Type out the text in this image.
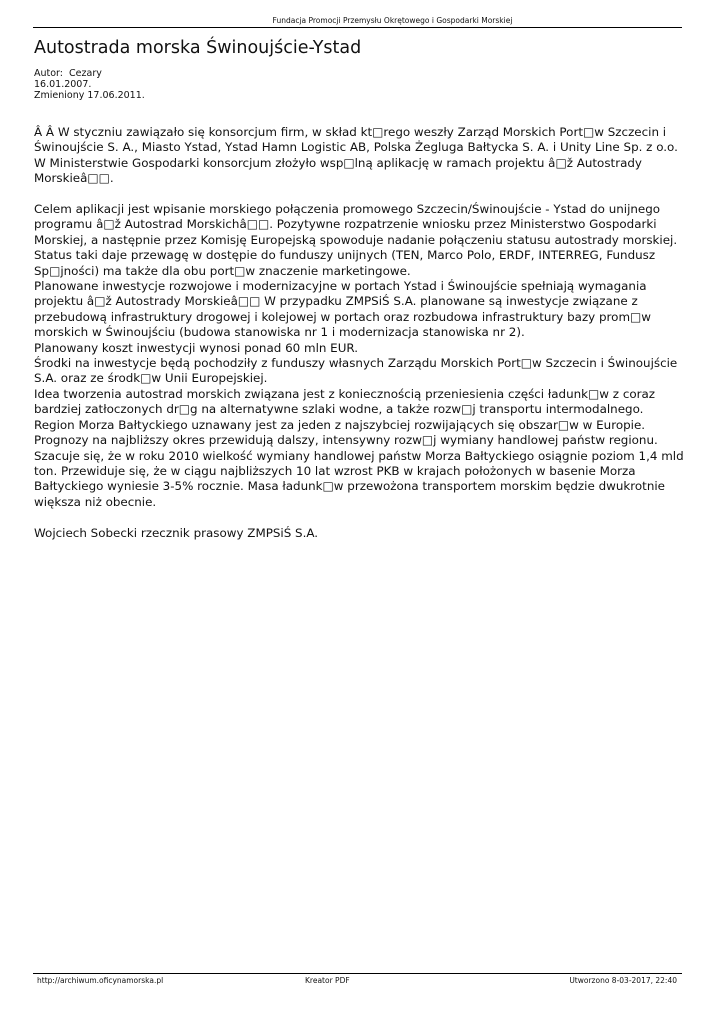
Fundacja Promocji Przemysłu Okrętowego i Gospodarki Morskiej
Autostrada morska Świnoujście-Ystad
Autor:  Cezary
16.01.2007.
Zmieniony 17.06.2011.

Â Â W styczniu zawiązało się konsorcjum firm, w skład kt□rego weszły Zarząd Morskich Port□w Szczecin i Świnoujście S. A., Miasto Ystad, Ystad Hamn Logistic AB, Polska Żegluga Bałtycka S. A. i Unity Line Sp. z o.o. W Ministerstwie Gospodarki konsorcjum złożyło wsp□lną aplikację w ramach projektu â□ž Autostrady Morskieâ□□.

Celem aplikacji jest wpisanie morskiego połączenia promowego Szczecin/Świnoujście - Ystad do unijnego programu â□ž Autostrad Morskichâ□□. Pozytywne rozpatrzenie wniosku przez Ministerstwo Gospodarki Morskiej, a następnie przez Komisję Europejską spowoduje nadanie połączeniu statusu autostrady morskiej. Status taki daje przewagę w dostępie do funduszy unijnych (TEN, Marco Polo, ERDF, INTERREG, Fundusz Sp□jności) ma także dla obu port□w znaczenie marketingowe.

Planowane inwestycje rozwojowe i modernizacyjne w portach Ystad i Świnoujście spełniają wymagania projektu â□ž Autostrady Morskieâ□□ W przypadku ZMPSiŚ S.A. planowane są inwestycje związane z przebudową infrastruktury drogowej i kolejowej w portach oraz rozbudowa infrastruktury bazy prom□w morskich w Świnoujściu (budowa stanowiska nr 1 i modernizacja stanowiska nr 2).

Planowany koszt inwestycji wynosi ponad 60 mln EUR.

Środki na inwestycje będą pochodziły z funduszy własnych Zarządu Morskich Port□w Szczecin i Świnoujście S.A. oraz ze środk□w Unii Europejskiej.

Idea tworzenia autostrad morskich związana jest z koniecznością przeniesienia części ładunk□w z coraz bardziej zatłoczonych dr□g na alternatywne szlaki wodne, a także rozw□j transportu intermodalnego. Region Morza Bałtyckiego uznawany jest za jeden z najszybciej rozwijających się obszar□w w Europie. Prognozy na najbliższy okres przewidują dalszy, intensywny rozw□j wymiany handlowej państw regionu. Szacuje się, że w roku 2010 wielkość wymiany handlowej państw Morza Bałtyckiego osiągnie poziom 1,4 mld ton. Przewiduje się, że w ciągu najbliższych 10 lat wzrost PKB w krajach położonych w basenie Morza Bałtyckiego wyniesie 3-5% rocznie. Masa ładunk□w przewożona transportem morskim będzie dwukrotnie większa niż obecnie.

Wojciech Sobecki rzecznik prasowy ZMPSiŚ S.A.

http://archiwum.oficynamorska.pl	Kreator PDF	Utworzono 8-03-2017, 22:40
